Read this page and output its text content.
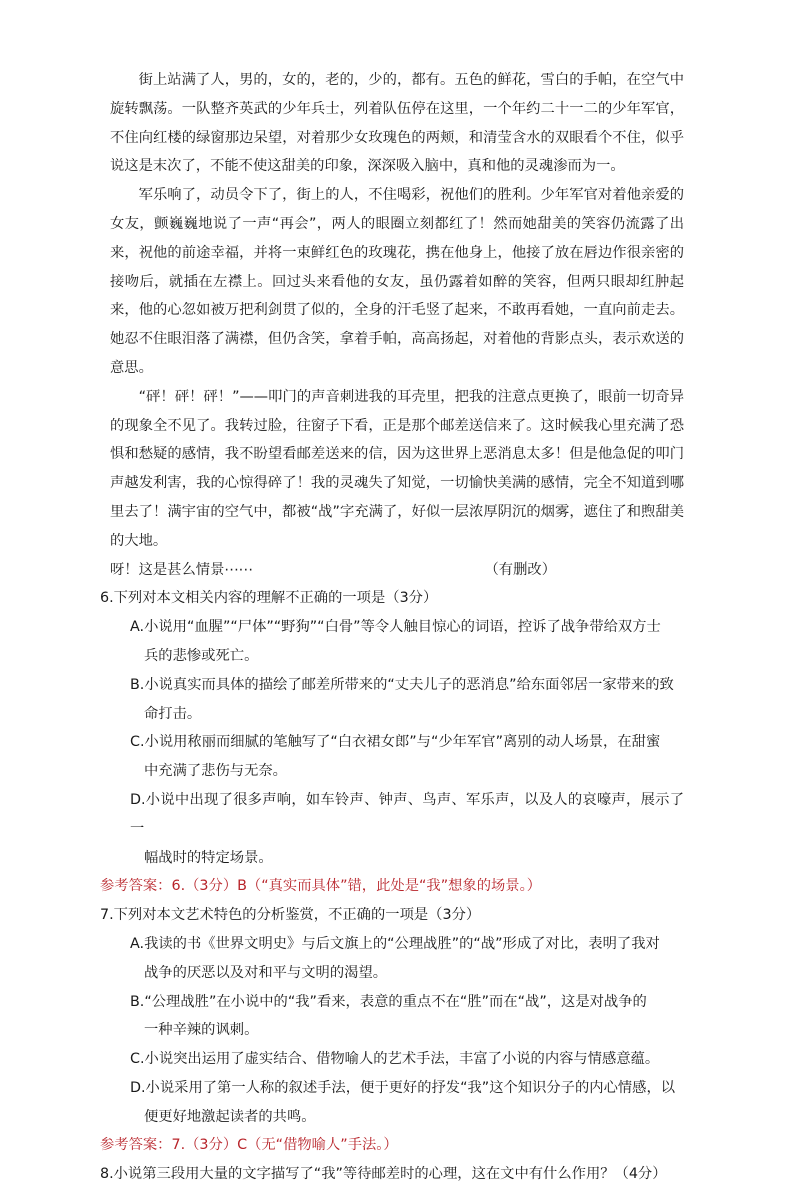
街上站满了人，男的，女的，老的，少的，都有。五色的鲜花，雪白的手帕，在空气中旋转飘荡。一队整齐英武的少年兵士，列着队伍停在这里，一个年约二十一二的少年军官，不住向红楼的绿窗那边呆望，对着那少女玫瑰色的两颊，和清莹含水的双眼看个不住，似乎说这是末次了，不能不使这甜美的印象，深深吸入脑中，真和他的灵魂渗而为一。

军乐响了，动员令下了，街上的人，不住喝彩，祝他们的胜利。少年军官对着他亲爱的女友，颤巍巍地说了一声“再会”，两人的眼圈立刻都红了！然而她甜美的笑容仍流露了出来，祝他的前途幸福，并将一束鲜红色的玫瑰花，携在他身上，他接了放在唇边作很亲密的接吻后，就插在左襟上。回过头来看他的女友，虽仍露着如醉的笑容，但两只眼却红肿起来，他的心忽如被万把利剑贯了似的，全身的汗毛竖了起来，不敢再看她，一直向前走去。她忍不住眼泪落了满襟，但仍含笑，拿着手帕，高高扬起，对着他的背影点头，表示欢送的意思。

“砰！砰！砰！”——叩门的声音刺进我的耳壳里，把我的注意点更换了，眼前一切奇异的现象全不见了。我转过脸，往窗子下看，正是那个邮差送信来了。这时候我心里充满了恐惧和愁疑的感情，我不盼望看邮差送来的信，因为这世界上恶消息太多！但是他急促的叩门声越发利害，我的心惊得碎了！我的灵魂失了知觉，一切愉快美满的感情，完全不知道到哪里去了！满宇宙的空气中，都被“战”字充满了，好似一层浓厚阴沉的烟雾，遮住了和煦甜美的大地。

呀！这是甚么情景⋯⋯	（有删改）

6.下列对本文相关内容的理解不正确的一项是（3分）

A.小说用“血腥”“尸体”“野狗”“白骨”等令人触目惊心的词语，控诉了战争带给双方士
兵的悲惨或死亡。
B.小说真实而具体的描绘了邮差所带来的“丈夫儿子的恶消息”给东面邻居一家带来的致
命打击。
C.小说用秾丽而细腻的笔触写了“白衣裙女郎”与“少年军官”离别的动人场景，在甜蜜
中充满了悲伤与无奈。
D.小说中出现了很多声响，如车铃声、钟声、鸟声、军乐声，以及人的哀嚎声，展示了一
幅战时的特定场景。

参考答案：6.（3分）B（“真实而具体”错，此处是“我”想象的场景。）

7.下列对本文艺术特色的分析鉴赏，不正确的一项是（3分）

A.我读的书《世界文明史》与后文旗上的“公理战胜”的“战”形成了对比，表明了我对
战争的厌恶以及对和平与文明的渴望。
B.“公理战胜”在小说中的“我”看来，表意的重点不在“胜”而在“战”，这是对战争的
一种辛辣的讽刺。
C.小说突出运用了虚实结合、借物喻人的艺术手法，丰富了小说的内容与情感意蕴。
D.小说采用了第一人称的叙述手法，便于更好的抒发“我”这个知识分子的内心情感，以
便更好地激起读者的共鸣。

参考答案：7.（3分）C（无“借物喻人”手法。）

8.小说第三段用大量的文字描写了“我”等待邮差时的心理，这在文中有什么作用？（4分）
